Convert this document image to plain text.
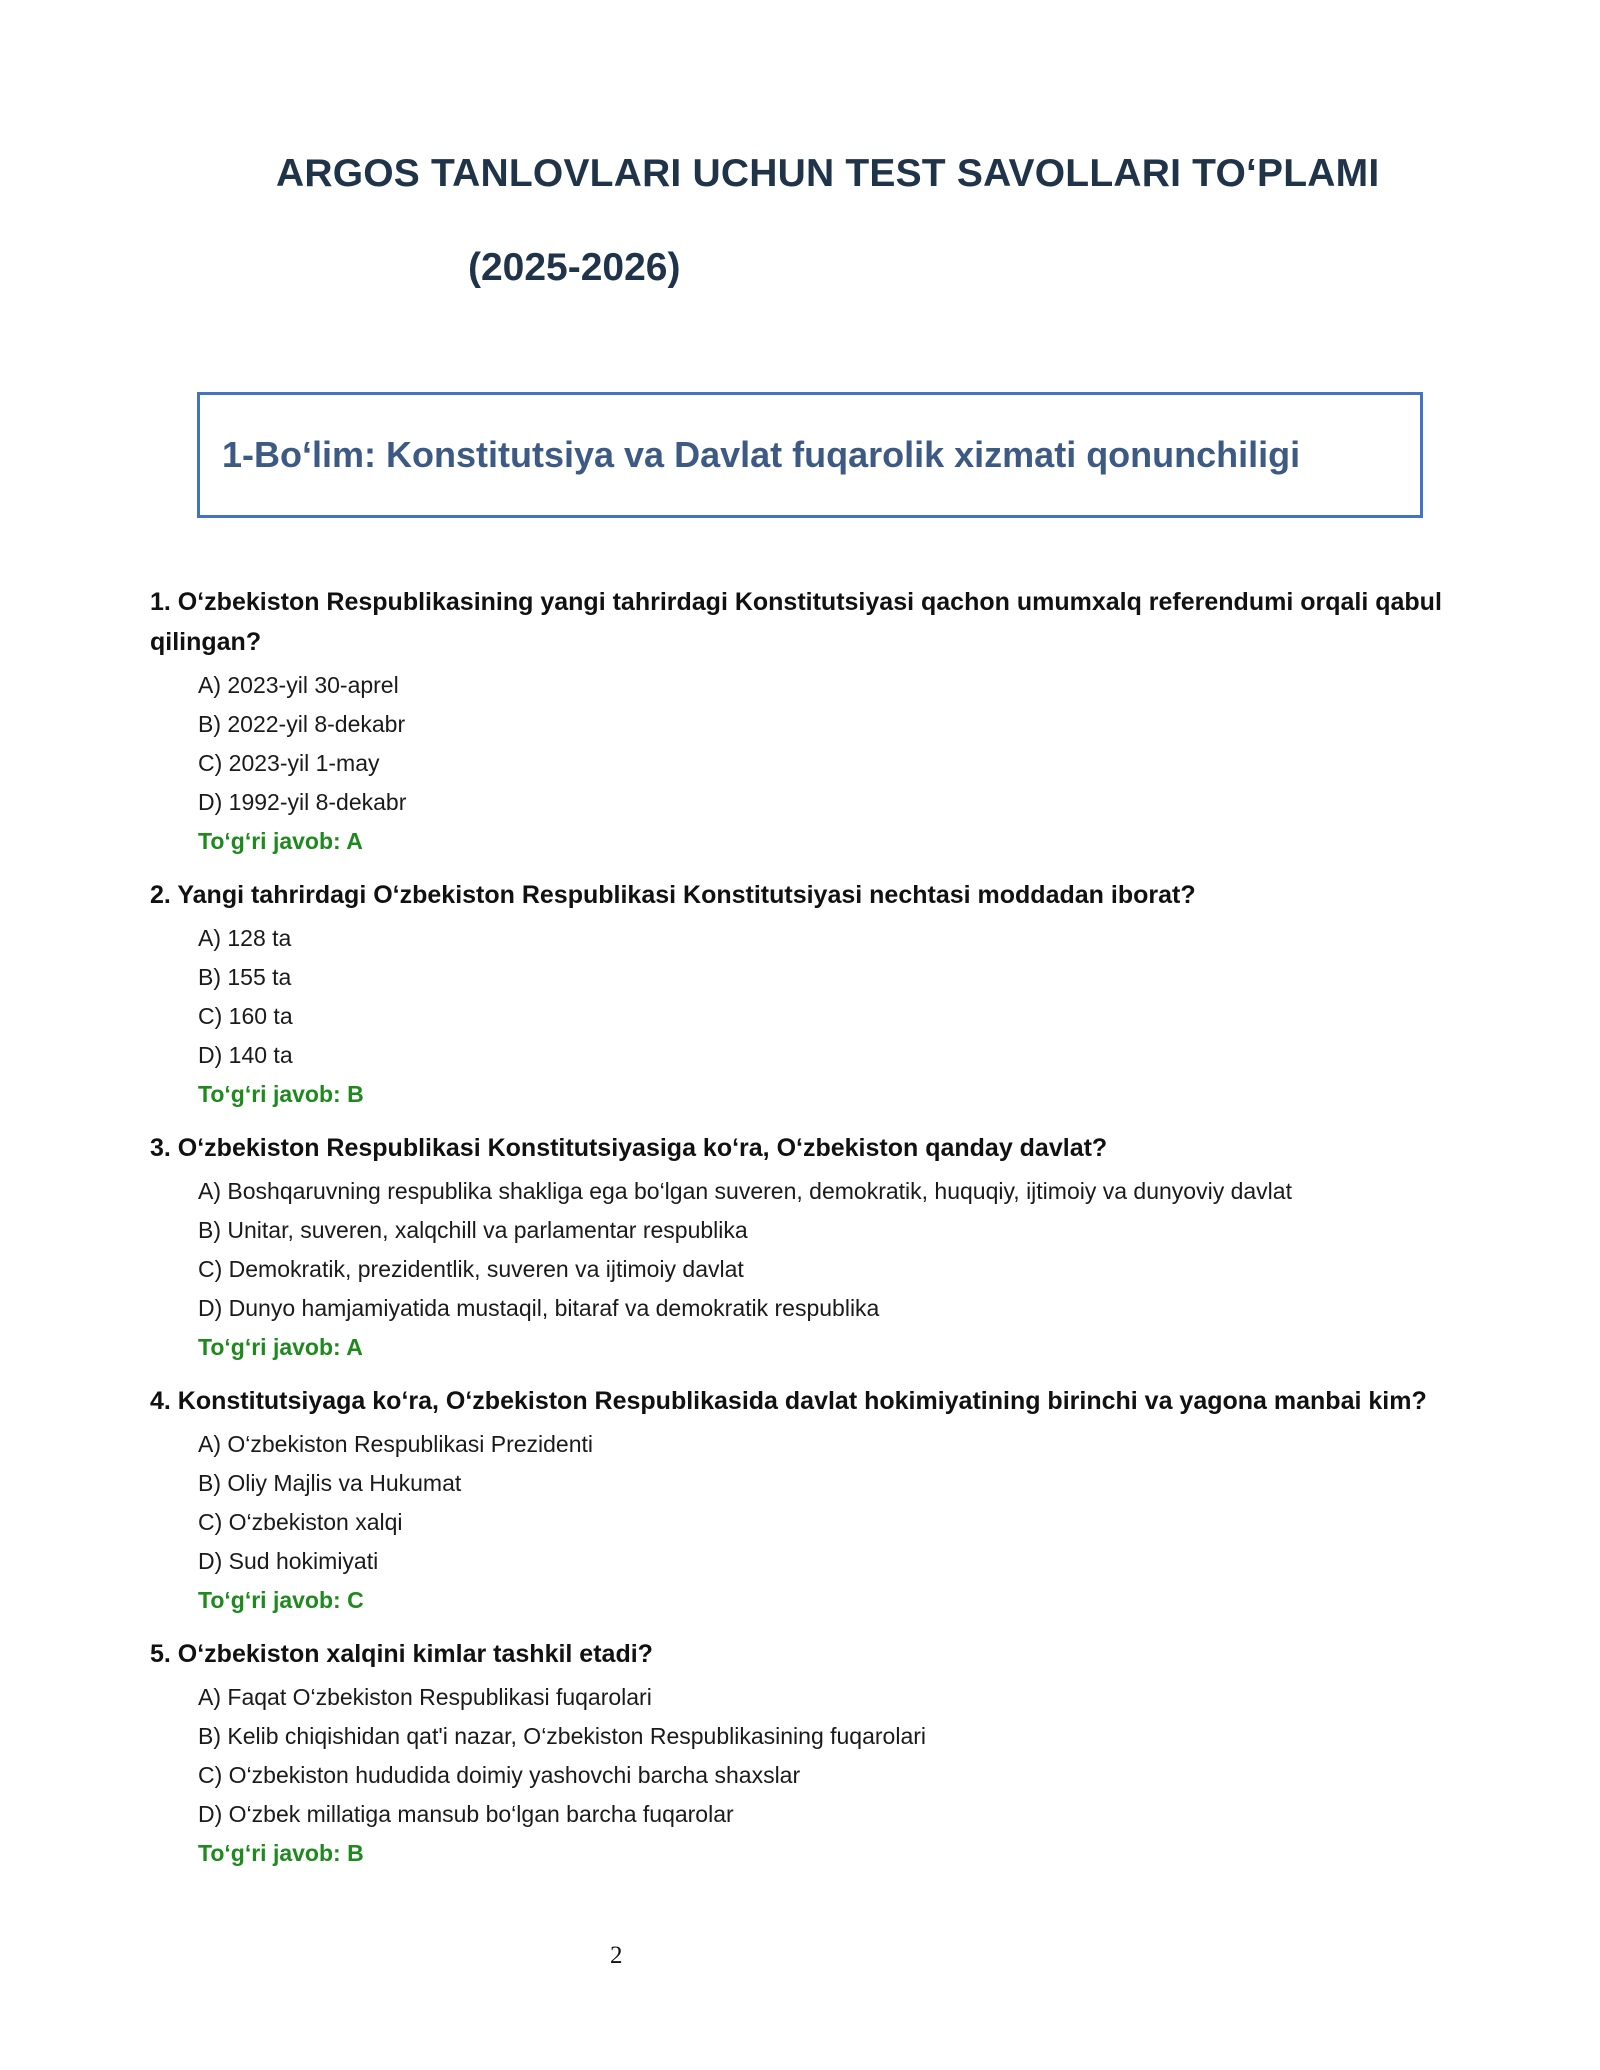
ARGOS TANLOVLARI UCHUN TEST SAVOLLARI TO‘PLAMI
(2025-2026)
1-Bo‘lim: Konstitutsiya va Davlat fuqarolik xizmati qonunchiligi

1. O‘zbekiston Respublikasining yangi tahrirdagi Konstitutsiyasi qachon umumxalq referendumi orqali qabul qilingan?

A) 2023-yil 30-aprel
B) 2022-yil 8-dekabr
C) 2023-yil 1-may
D) 1992-yil 8-dekabr
To‘g‘ri javob: A

2. Yangi tahrirdagi O‘zbekiston Respublikasi Konstitutsiyasi nechtasi moddadan iborat?

A) 128 ta
B) 155 ta
C) 160 ta
D) 140 ta
To‘g‘ri javob: B

3. O‘zbekiston Respublikasi Konstitutsiyasiga ko‘ra, O‘zbekiston qanday davlat?

A) Boshqaruvning respublika shakliga ega bo‘lgan suveren, demokratik, huquqiy, ijtimoiy va dunyoviy davlat
B) Unitar, suveren, xalqchill va parlamentar respublika
C) Demokratik, prezidentlik, suveren va ijtimoiy davlat
D) Dunyo hamjamiyatida mustaqil, bitaraf va demokratik respublika
To‘g‘ri javob: A

4. Konstitutsiyaga ko‘ra, O‘zbekiston Respublikasida davlat hokimiyatining birinchi va yagona manbai kim?

A) O‘zbekiston Respublikasi Prezidenti
B) Oliy Majlis va Hukumat
C) O‘zbekiston xalqi
D) Sud hokimiyati
To‘g‘ri javob: C

5. O‘zbekiston xalqini kimlar tashkil etadi?

A) Faqat O‘zbekiston Respublikasi fuqarolari
B) Kelib chiqishidan qat'i nazar, O‘zbekiston Respublikasining fuqarolari
C) O‘zbekiston hududida doimiy yashovchi barcha shaxslar
D) O‘zbek millatiga mansub bo‘lgan barcha fuqarolar
To‘g‘ri javob: B
2
